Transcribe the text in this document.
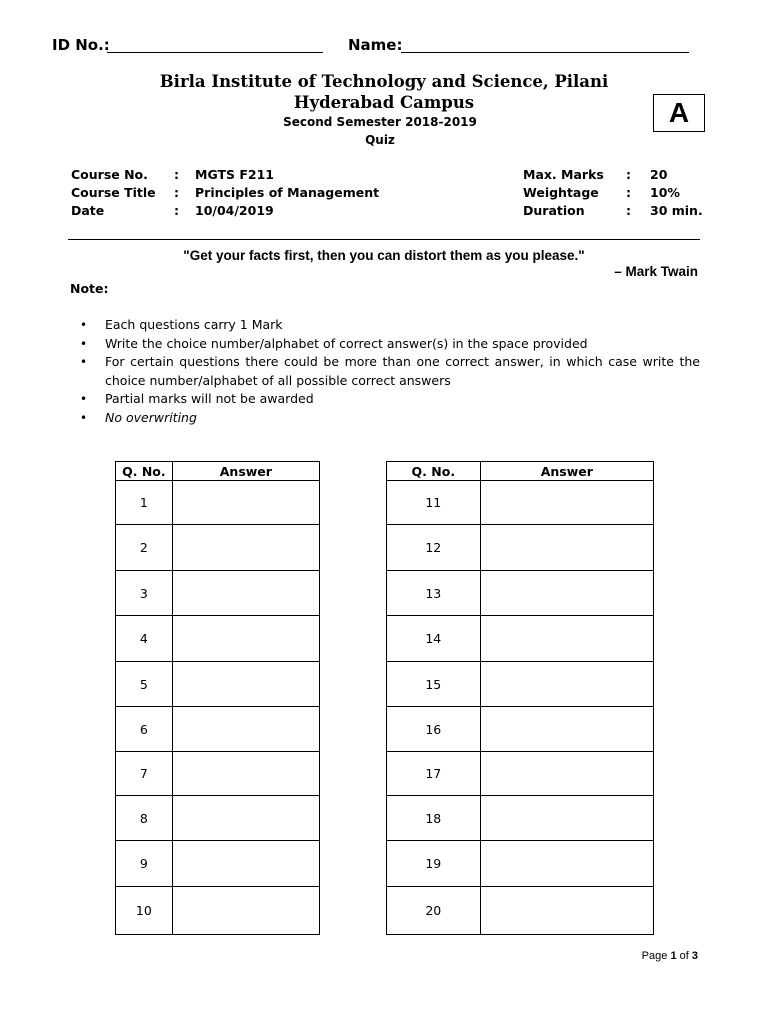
ID No.:	Name:
Birla Institute of Technology and Science, Pilani
Hyderabad Campus
Second Semester 2018-2019
Quiz
A
Course No. : MGTS F211
Course Title : Principles of Management
Date	: 10/04/2019
Max. Marks : 20
Weightage : 10%
Duration	: 30 min.
"Get your facts first, then you can distort them as you please."
– Mark Twain
Note:
• Each questions carry 1 Mark
• Write the choice number/alphabet of correct answer(s) in the space provided
• For certain questions there could be more than one correct answer, in which case write the choice number/alphabet of all possible correct answers
• Partial marks will not be awarded
• No overwriting
Q. No.	Answer
1	
2	
3	
4	
5	
6	
7	
8	
9	
10	
Q. No.	Answer
11	
12	
13	
14	
15	
16	
17	
18	
19	
20	
Page 1 of 3
